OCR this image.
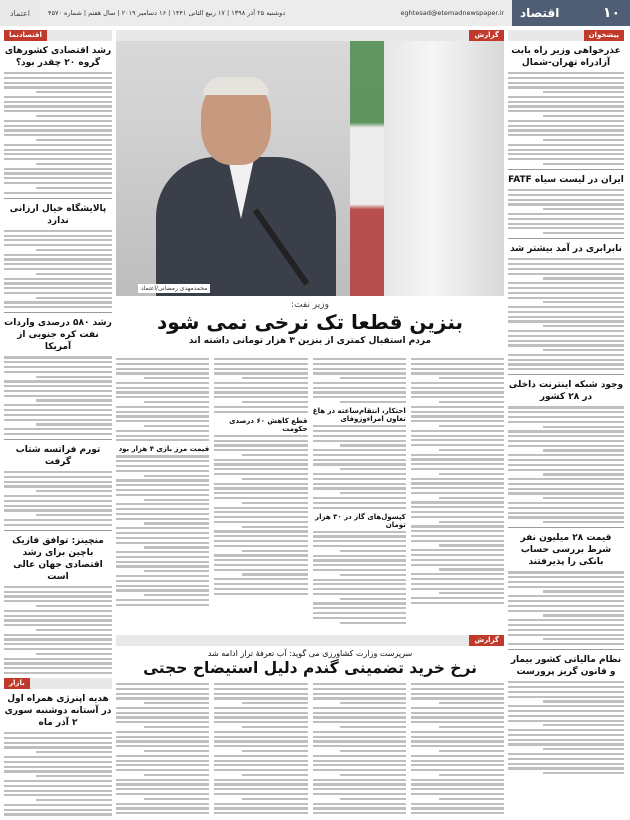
اعتماد	دوشنبه ۲۵ آذر ۱۳۹۸ | ۱۷ ربیع الثانی ۱۴۴۱ | ۱۶ دسامبر ۲۰۱۹ | سال هفتم | شماره ۴۵۷۰	eghtesad@etemadnewspaper.ir اقتصاد	۱۰
پیشخوان
عذرخواهی وزیر راه بابت آزادراه تهران-شمال
ایران در لیست سیاه FATF
نابرابری در آمد بیشتر شد
وجود شبکه اینترنت داخلی در ۲۸ کشور
قیمت ۲۸ میلیون نفر شرط بررسی حساب بانکی را پذیرفتند
نظام مالیاتی کشور بیمار و قانون گریز پرورست
گزارش
محمدمهدی رمضانی/اعتماد
وزیر نفت:
بنزین قطعا تک نرخی نمی شود
مردم استقبال کمتری از بنزین ۳ هزار تومانی داشته اند
احتکار، انتقام‌ساعته در هاغ‌ تعاون امراءوزوفای
کپسول‌های گاز در ۳۰ هزار تومان
قطع کاهش ۶۰ درصدی حکومت
قیمت مرز بازی ۴ هزار بود
گزارش
سرپرست وزارت کشاورزی می گوید: آب تعرفهٔ تراز ادامه شد
نرخ خرید تضمینی گندم دلیل استیضاح حجتی
اقتصادنما
رشد اقتصادی کشورهای گروه ۲۰ چقدر بود؟
پالایشگاه خیال ارزانی ندارد
رشد ۵۸۰ درصدی واردات نفت کره جنوبی از آمریکا
تورم فراتسه شتاب گرفت
منچینز: توافق فازیک باچین برای رشد اقتصادی جهان عالی است
بازار
هدیه اپنرژی همراه اول در آستانه دوشنبه سوری ۲ آذر ماه
